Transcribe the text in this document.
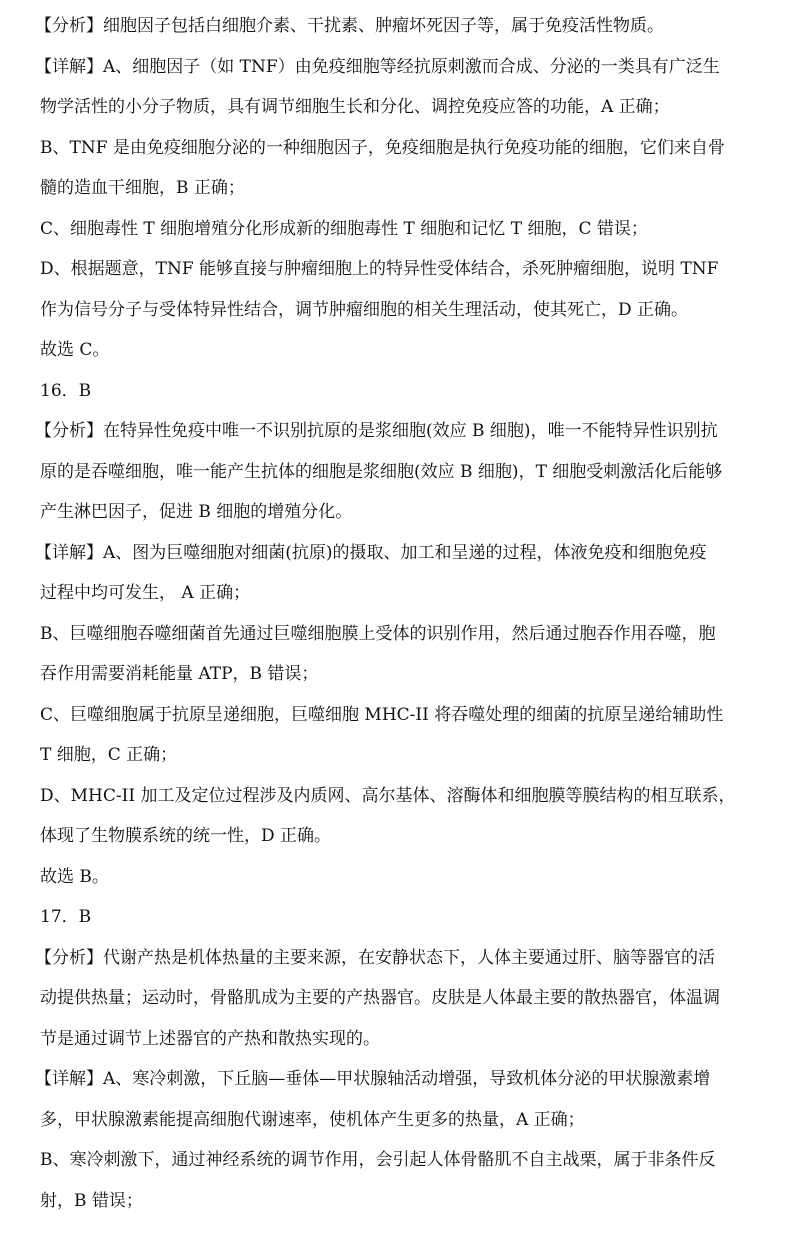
【分析】细胞因子包括白细胞介素、干扰素、肿瘤坏死因子等，属于免疫活性物质。
【详解】A、细胞因子（如 TNF）由免疫细胞等经抗原刺激而合成、分泌的一类具有广泛生
物学活性的小分子物质，具有调节细胞生长和分化、调控免疫应答的功能，A 正确；
B、TNF 是由免疫细胞分泌的一种细胞因子，免疫细胞是执行免疫功能的细胞，它们来自骨
髓的造血干细胞，B 正确；
C、细胞毒性 T 细胞增殖分化形成新的细胞毒性 T 细胞和记忆 T 细胞，C 错误；
D、根据题意，TNF 能够直接与肿瘤细胞上的特异性受体结合，杀死肿瘤细胞，说明 TNF
作为信号分子与受体特异性结合，调节肿瘤细胞的相关生理活动，使其死亡，D 正确。
故选 C。
16．B
【分析】在特异性免疫中唯一不识别抗原的是浆细胞(效应 B 细胞)，唯一不能特异性识别抗
原的是吞噬细胞，唯一能产生抗体的细胞是浆细胞(效应 B 细胞)，T 细胞受刺激活化后能够
产生淋巴因子，促进 B 细胞的增殖分化。
【详解】A、图为巨噬细胞对细菌(抗原)的摄取、加工和呈递的过程，体液免疫和细胞免疫
过程中均可发生， A 正确；
B、巨噬细胞吞噬细菌首先通过巨噬细胞膜上受体的识别作用，然后通过胞吞作用吞噬，胞
吞作用需要消耗能量 ATP，B 错误；
C、巨噬细胞属于抗原呈递细胞，巨噬细胞 MHC-II 将吞噬处理的细菌的抗原呈递给辅助性
T 细胞，C 正确；
D、MHC-II 加工及定位过程涉及内质网、高尔基体、溶酶体和细胞膜等膜结构的相互联系，
体现了生物膜系统的统一性，D 正确。
故选 B。
17．B
【分析】代谢产热是机体热量的主要来源，在安静状态下，人体主要通过肝、脑等器官的活
动提供热量；运动时，骨骼肌成为主要的产热器官。皮肤是人体最主要的散热器官，体温调
节是通过调节上述器官的产热和散热实现的。
【详解】A、寒冷刺激，下丘脑—垂体—甲状腺轴活动增强，导致机体分泌的甲状腺激素增
多，甲状腺激素能提高细胞代谢速率，使机体产生更多的热量，A 正确；
B、寒冷刺激下，通过神经系统的调节作用，会引起人体骨骼肌不自主战栗，属于非条件反
射，B 错误；
